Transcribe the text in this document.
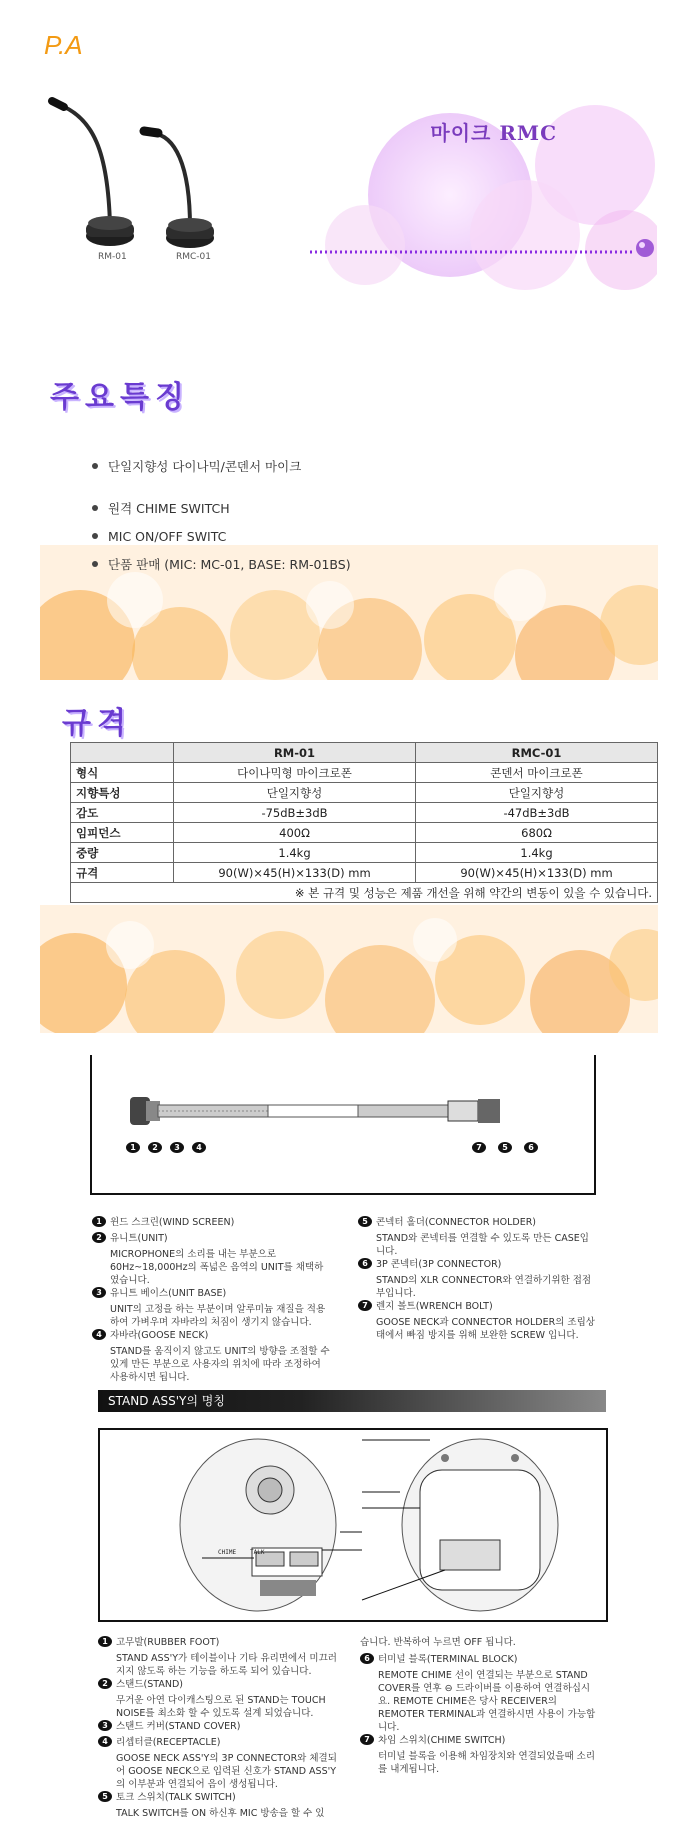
P.A
RM-01	RMC-01
마이크 RMC
주요특징
단일지향성 다이나믹/콘덴서 마이크
원격 CHIME SWITCH
MIC ON/OFF SWITC
단품 판매 (MIC: MC-01, BASE: RM-01BS)
규격
	RM-01	RMC-01
형식	다이나믹형 마이크로폰	콘덴서 마이크로폰
지향특성	단일지향성	단일지향성
감도	-75dB±3dB	-47dB±3dB
임피던스	400Ω	680Ω
중량	1.4kg	1.4kg
규격	90(W)×45(H)×133(D) mm	90(W)×45(H)×133(D) mm
※ 본 규격 및 성능은 제품 개선을 위해 약간의 변동이 있을 수 있습니다.		
1	2	3	4	7	5	6
1 윈드 스크린(WIND SCREEN)
2 유니트(UNIT)
MICROPHONE의 소리를 내는 부분으로 60Hz~18,000Hz의 폭넓은 음역의 UNIT를 채택하였습니다.
3 유니트 베이스(UNIT BASE)
UNIT의 고정을 하는 부분이며 알루미늄 재질을 적용하여 가벼우며 자바라의 처짐이 생기지 않습니다.
4 자바라(GOOSE NECK)
STAND를 움직이지 않고도 UNIT의 방향을 조절할 수 있게 만든 부분으로 사용자의 위치에 따라 조정하여 사용하시면 됩니다.
5 콘넥터 홀더(CONNECTOR HOLDER)
STAND와 콘넥터를 연결할 수 있도록 만든 CASE입니다.
6 3P 콘넥터(3P CONNECTOR)
STAND의 XLR CONNECTOR와 연결하기위한 접점부입니다.
7 렌지 볼트(WRENCH BOLT)
GOOSE NECK과 CONNECTOR HOLDER의 조립상태에서 빠짐 방지를 위해 보완한 SCREW 입니다.
STAND ASS'Y의 명칭
CHIME TALK
1 고무발(RUBBER FOOT)
STAND ASS'Y가 테이블이나 기타 유리면에서 미끄러지지 않도록 하는 기능을 하도록 되어 있습니다.
2 스탠드(STAND)
무거운 아연 다이캐스팅으로 된 STAND는 TOUCH NOISE를 최소화 할 수 있도록 설계 되었습니다.
3 스탠드 커버(STAND COVER)
4 리셉터클(RECEPTACLE)
GOOSE NECK ASS'Y의 3P CONNECTOR와 체결되어 GOOSE NECK으로 입력된 신호가 STAND ASS'Y의 이부분과 연결되어 음이 생성됩니다.
5 토크 스위치(TALK SWITCH)
TALK SWITCH를 ON 하신후 MIC 방송을 할 수 있
습니다. 반복하여 누르면 OFF 됩니다.
6 터미널 블록(TERMINAL BLOCK)
REMOTE CHIME 선이 연결되는 부분으로 STAND COVER를 연후 ⊖ 드라이버를 이용하여 연결하십시요. REMOTE CHIME은 당사 RECEIVER의 REMOTER TERMINAL과 연결하시면 사용이 가능합니다.
7 차임 스위치(CHIME SWITCH)
터미널 블록을 이용해 차임장치와 연결되었을때 소리를 내게됩니다.
